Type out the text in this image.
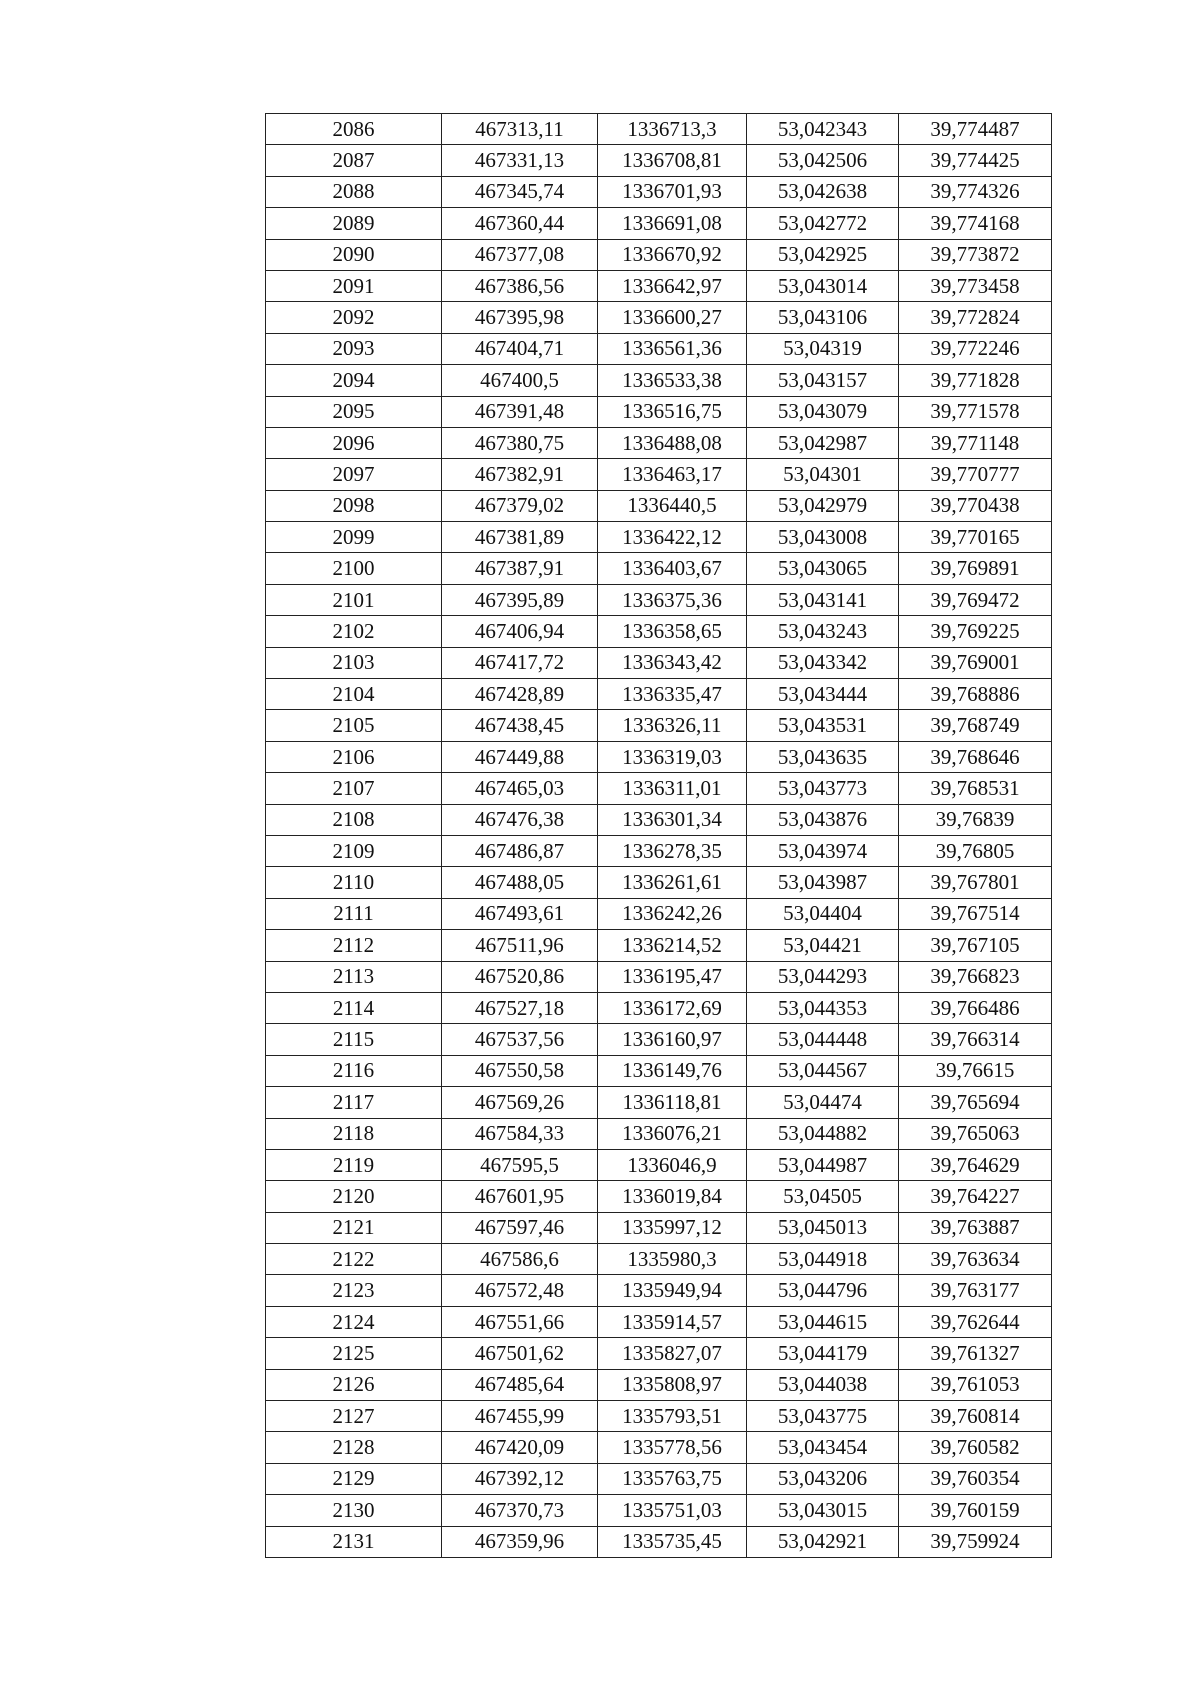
2086	467313,11	1336713,3	53,042343	39,774487
2087	467331,13	1336708,81	53,042506	39,774425
2088	467345,74	1336701,93	53,042638	39,774326
2089	467360,44	1336691,08	53,042772	39,774168
2090	467377,08	1336670,92	53,042925	39,773872
2091	467386,56	1336642,97	53,043014	39,773458
2092	467395,98	1336600,27	53,043106	39,772824
2093	467404,71	1336561,36	53,04319	39,772246
2094	467400,5	1336533,38	53,043157	39,771828
2095	467391,48	1336516,75	53,043079	39,771578
2096	467380,75	1336488,08	53,042987	39,771148
2097	467382,91	1336463,17	53,04301	39,770777
2098	467379,02	1336440,5	53,042979	39,770438
2099	467381,89	1336422,12	53,043008	39,770165
2100	467387,91	1336403,67	53,043065	39,769891
2101	467395,89	1336375,36	53,043141	39,769472
2102	467406,94	1336358,65	53,043243	39,769225
2103	467417,72	1336343,42	53,043342	39,769001
2104	467428,89	1336335,47	53,043444	39,768886
2105	467438,45	1336326,11	53,043531	39,768749
2106	467449,88	1336319,03	53,043635	39,768646
2107	467465,03	1336311,01	53,043773	39,768531
2108	467476,38	1336301,34	53,043876	39,76839
2109	467486,87	1336278,35	53,043974	39,76805
2110	467488,05	1336261,61	53,043987	39,767801
2111	467493,61	1336242,26	53,04404	39,767514
2112	467511,96	1336214,52	53,04421	39,767105
2113	467520,86	1336195,47	53,044293	39,766823
2114	467527,18	1336172,69	53,044353	39,766486
2115	467537,56	1336160,97	53,044448	39,766314
2116	467550,58	1336149,76	53,044567	39,76615
2117	467569,26	1336118,81	53,04474	39,765694
2118	467584,33	1336076,21	53,044882	39,765063
2119	467595,5	1336046,9	53,044987	39,764629
2120	467601,95	1336019,84	53,04505	39,764227
2121	467597,46	1335997,12	53,045013	39,763887
2122	467586,6	1335980,3	53,044918	39,763634
2123	467572,48	1335949,94	53,044796	39,763177
2124	467551,66	1335914,57	53,044615	39,762644
2125	467501,62	1335827,07	53,044179	39,761327
2126	467485,64	1335808,97	53,044038	39,761053
2127	467455,99	1335793,51	53,043775	39,760814
2128	467420,09	1335778,56	53,043454	39,760582
2129	467392,12	1335763,75	53,043206	39,760354
2130	467370,73	1335751,03	53,043015	39,760159
2131	467359,96	1335735,45	53,042921	39,759924
